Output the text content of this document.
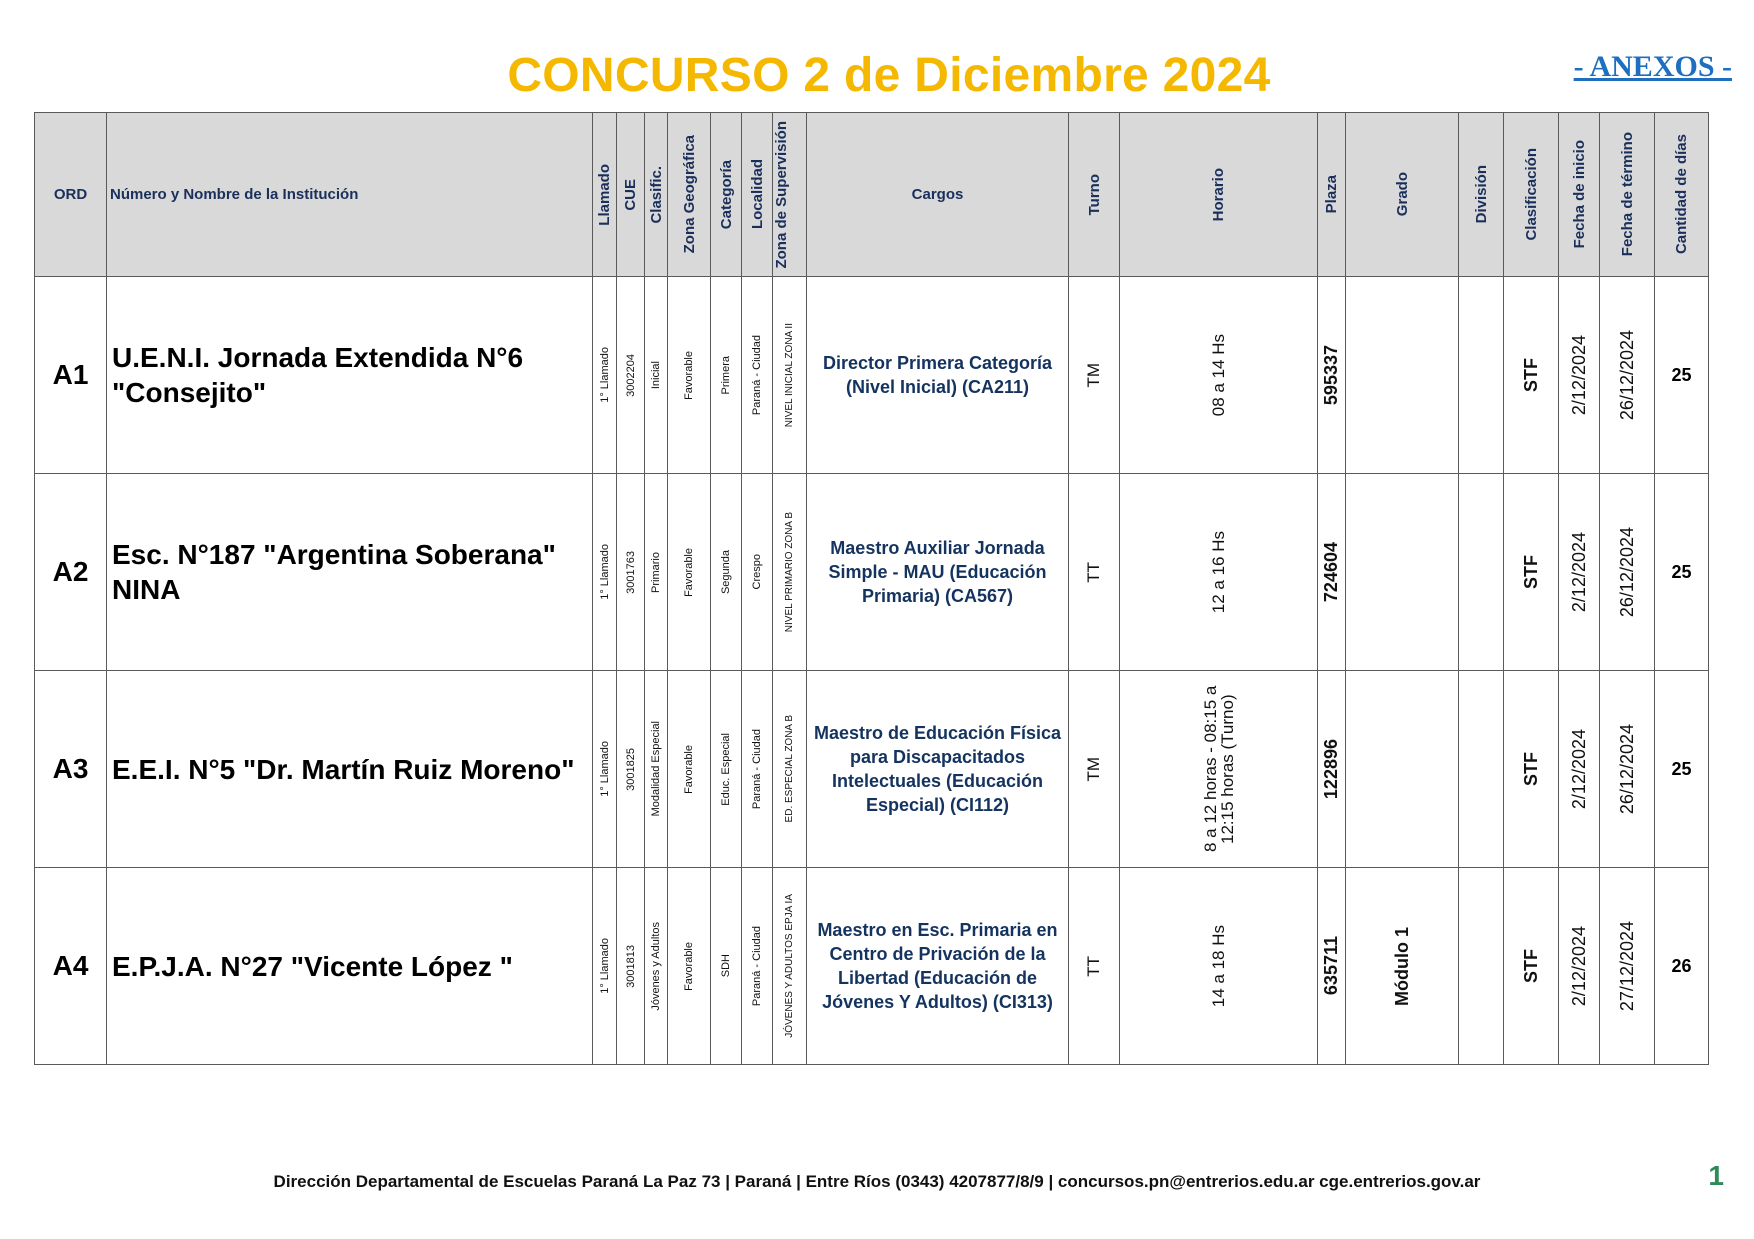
CONCURSO 2 de Diciembre 2024	- ANEXOS -
ORD	Número y Nombre de la Institución	Llamado	CUE	Clasific.	Zona Geográfica	Categoría	Localidad	Zona de Supervisión	Cargos	Turno	Horario	Plaza	Grado	División	Clasificación	Fecha de inicio	Fecha de término	Cantidad de días

A1	U.E.N.I. Jornada Extendida N°6 "Consejito"	1° Llamado	3002204	Inicial	Favorable	Primera	Paraná - Ciudad	NIVEL INICIAL ZONA II	Director Primera Categoría (Nivel Inicial) (CA211)	TM	08 a 14 Hs	595337			STF	2/12/2024	26/12/2024	25
A2	Esc. N°187 "Argentina Soberana" NINA	1° Llamado	3001763	Primario	Favorable	Segunda	Crespo	NIVEL PRIMARIO ZONA B	Maestro Auxiliar Jornada Simple - MAU (Educación Primaria) (CA567)	TT	12 a 16 Hs	724604			STF	2/12/2024	26/12/2024	25
A3	E.E.I. N°5 "Dr. Martín Ruiz Moreno"	1° Llamado	3001825	Modalidad Especial	Favorable	Educ. Especial	Paraná - Ciudad	ED. ESPECIAL ZONA B	Maestro de Educación Física para Discapacitados Intelectuales (Educación Especial) (CI112)	TM	8 a 12 horas - 08:15 a 12:15 horas (Turno)	122896			STF	2/12/2024	26/12/2024	25
A4	E.P.J.A. N°27 "Vicente López "	1° Llamado	3001813	Jóvenes y Adultos	Favorable	SDH	Paraná - Ciudad	JÓVENES Y ADULTOS EPJA IA	Maestro en Esc. Primaria en Centro de Privación de la Libertad (Educación de Jóvenes Y Adultos) (CI313)	TT	14 a 18 Hs	635711	Módulo 1		STF	2/12/2024	27/12/2024	26
Dirección Departamental de Escuelas Paraná La Paz 73 | Paraná | Entre Ríos (0343) 4207877/8/9 | concursos.pn@entrerios.edu.ar cge.entrerios.gov.ar	1
